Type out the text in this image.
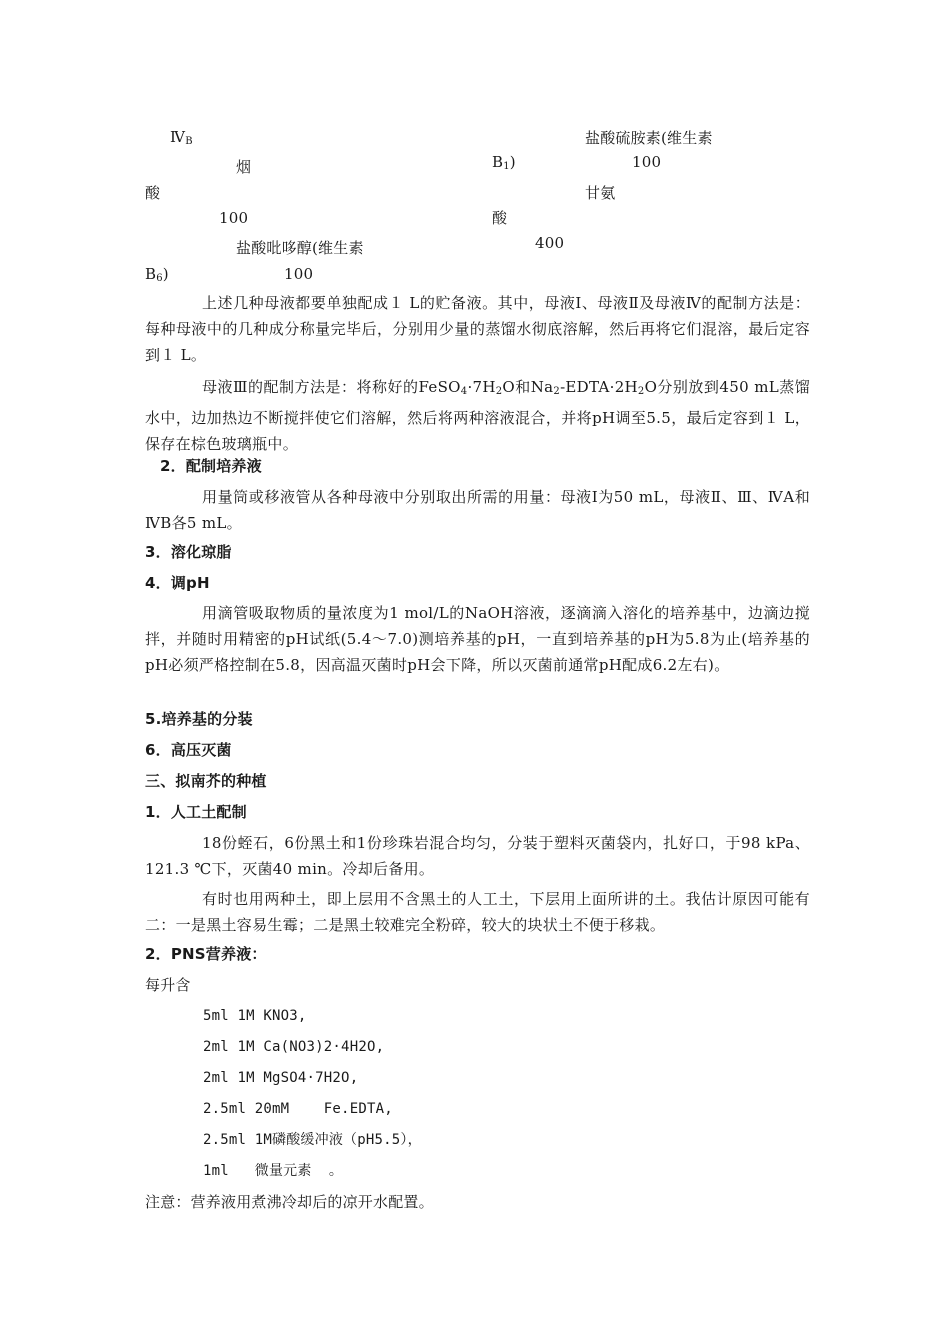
$Ⅳ_B$
烟
酸
100
盐酸吡哆醇(维生素
$B_6$)	100
盐酸硫胺素(维生素
$B_1$)	100
甘氨
酸
400
上述几种母液都要单独配成１ L的贮备液。其中，母液Ⅰ、母液Ⅱ及母液Ⅳ的配制方法是：每种母液中的几种成分称量完毕后，分别用少量的蒸馏水彻底溶解，然后再将它们混溶，最后定容到１ L。
母液Ⅲ的配制方法是：将称好的$FeSO_4\cdot 7H_2O$和$Na_2-EDTA\cdot 2H_2O$分别放到450 mL蒸馏水中，边加热边不断搅拌使它们溶解，然后将两种溶液混合，并将pH调至5.5，最后定容到１ L，保存在棕色玻璃瓶中。
2．配制培养液
用量筒或移液管从各种母液中分别取出所需的用量：母液Ⅰ为50 mL，母液Ⅱ、Ⅲ、ⅣA和ⅣB各5 mL。
3．溶化琼脂
4．调pH
用滴管吸取物质的量浓度为1 mol/L的NaOH溶液，逐滴滴入溶化的培养基中，边滴边搅拌，并随时用精密的pH试纸(5.4～7.0)测培养基的pH，一直到培养基的pH为5.8为止(培养基的pH必须严格控制在5.8，因高温灭菌时pH会下降，所以灭菌前通常pH配成6.2左右)。
5.培养基的分装
6．高压灭菌
三、拟南芥的种植
1．人工土配制
18份蛭石，6份黑土和1份珍珠岩混合均匀，分装于塑料灭菌袋内，扎好口，于98 kPa、121.3 ℃下，灭菌40 min。冷却后备用。
有时也用两种土，即上层用不含黑土的人工土，下层用上面所讲的土。我估计原因可能有二：一是黑土容易生霉；二是黑土较难完全粉碎，较大的块状土不便于移栽。
2．PNS营养液：
每升含
5ml 1M KNO3,
2ml 1M Ca(NO3)2·4H2O,
2ml 1M MgSO4·7H2O,
2.5ml 20mM    Fe.EDTA,
2.5ml 1M磷酸缓冲液（pH5.5），
1ml   微量元素  。
注意：营养液用煮沸冷却后的凉开水配置。
